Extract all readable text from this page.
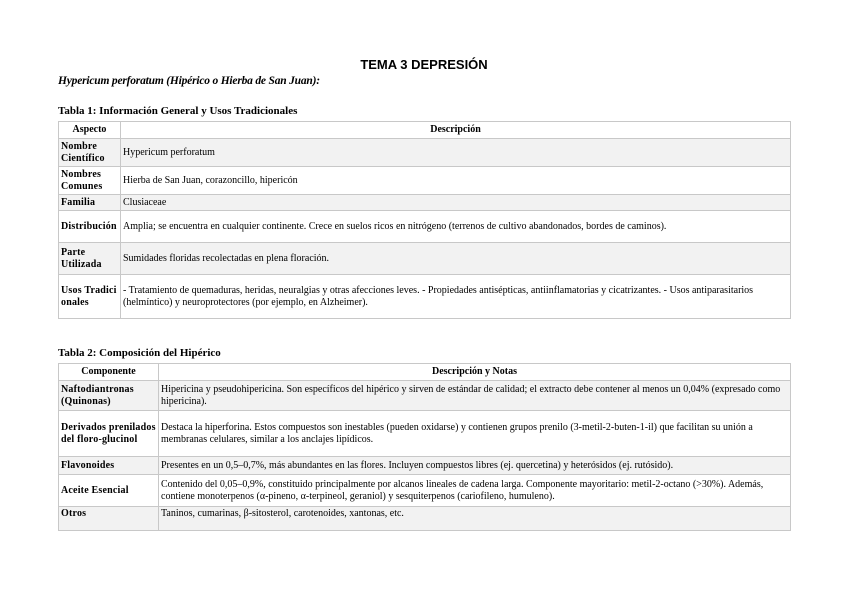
TEMA 3 DEPRESIÓN
Hypericum perforatum (Hipérico o Hierba de San Juan):
Tabla 1: Información General y Usos Tradicionales
Aspecto	Descripción
Nombre Científico	Hypericum perforatum
Nombres Comunes	Hierba de San Juan, corazoncillo, hipericón
Familia	Clusiaceae
Distribución	Amplia; se encuentra en cualquier continente. Crece en suelos ricos en nitrógeno (terrenos de cultivo abandonados, bordes de caminos).
Parte Utilizada	Sumidades floridas recolectadas en plena floración.
Usos Tradicionales	- Tratamiento de quemaduras, heridas, neuralgias y otras afecciones leves. - Propiedades antisépticas, antiinflamatorias y cicatrizantes. - Usos antiparasitarios (helmíntico) y neuroprotectores (por ejemplo, en Alzheimer).
Tabla 2: Composición del Hipérico
Componente	Descripción y Notas
Naftodiantronas (Quinonas)	Hipericina y pseudohipericina. Son específicos del hipérico y sirven de estándar de calidad; el extracto debe contener al menos un 0,04% (expresado como hipericina).
Derivados prenilados del floro-glucinol	Destaca la hiperforina. Estos compuestos son inestables (pueden oxidarse) y contienen grupos prenilo (3-metil-2-buten-1-il) que facilitan su unión a membranas celulares, similar a los anclajes lipídicos.
Flavonoides	Presentes en un 0,5–0,7%, más abundantes en las flores. Incluyen compuestos libres (ej. quercetina) y heterósidos (ej. rutósido).
Aceite Esencial	Contenido del 0,05–0,9%, constituido principalmente por alcanos lineales de cadena larga. Componente mayoritario: metil-2-octano (>30%). Además, contiene monoterpenos (α-pineno, α-terpineol, geraniol) y sesquiterpenos (cariofileno, humuleno).
Otros	Taninos, cumarinas, β-sitosterol, carotenoides, xantonas, etc.
